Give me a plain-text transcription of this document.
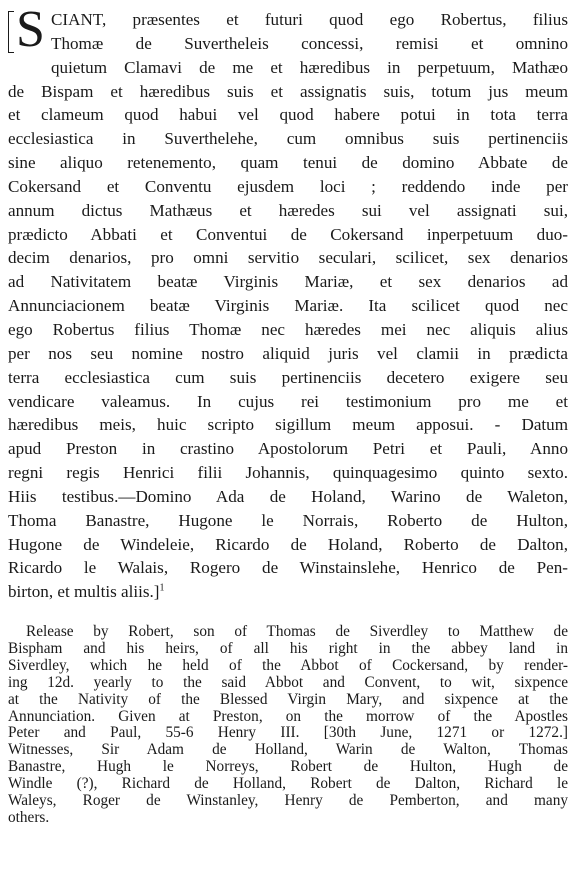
S CIANT, præsentes et futuri quod ego Robertus, filius
Thomæ de Suvertheleis concessi, remisi et omnino
quietum Clamavi de me et hæredibus in perpetuum, Mathæo
de Bispam et hæredibus suis et assignatis suis, totum jus meum
et clameum quod habui vel quod habere potui in tota terra
ecclesiastica in Suverthelehe, cum omnibus suis pertinenciis
sine aliquo retenemento, quam tenui de domino Abbate de
Cokersand et Conventu ejusdem loci ; reddendo inde per
annum dictus Mathæus et hæredes sui vel assignati sui,
prædicto Abbati et Conventui de Cokersand inperpetuum duo-
decim denarios, pro omni servitio seculari, scilicet, sex denarios
ad Nativitatem beatæ Virginis Mariæ, et sex denarios ad
Annunciacionem beatæ Virginis Mariæ. Ita scilicet quod nec
ego Robertus filius Thomæ nec hæredes mei nec aliquis alius
per nos seu nomine nostro aliquid juris vel clamii in prædicta
terra ecclesiastica cum suis pertinenciis decetero exigere seu
vendicare valeamus. In cujus rei testimonium pro me et
hæredibus meis, huic scripto sigillum meum apposui. - Datum
apud Preston in crastino Apostolorum Petri et Pauli, Anno
regni regis Henrici filii Johannis, quinquagesimo quinto sexto.
Hiis testibus.—Domino Ada de Holand, Warino de Waleton,
Thoma Banastre, Hugone le Norrais, Roberto de Hulton,
Hugone de Windeleie, Ricardo de Holand, Roberto de Dalton,
Ricardo le Walais, Rogero de Winstainslehe, Henrico de Pen-
birton, et multis aliis.]$^1$
Release by Robert, son of Thomas de Siverdley to Matthew de
Bispham and his heirs, of all his right in the abbey land in
Siverdley, which he held of the Abbot of Cockersand, by render-
ing 12d. yearly to the said Abbot and Convent, to wit, sixpence
at the Nativity of the Blessed Virgin Mary, and sixpence at the
Annunciation. Given at Preston, on the morrow of the Apostles
Peter and Paul, 55-6 Henry III. [30th June, 1271 or 1272.]
Witnesses, Sir Adam de Holland, Warin de Walton, Thomas
Banastre, Hugh le Norreys, Robert de Hulton, Hugh de
Windle (?), Richard de Holland, Robert de Dalton, Richard le
Waleys, Roger de Winstanley, Henry de Pemberton, and many
others.
